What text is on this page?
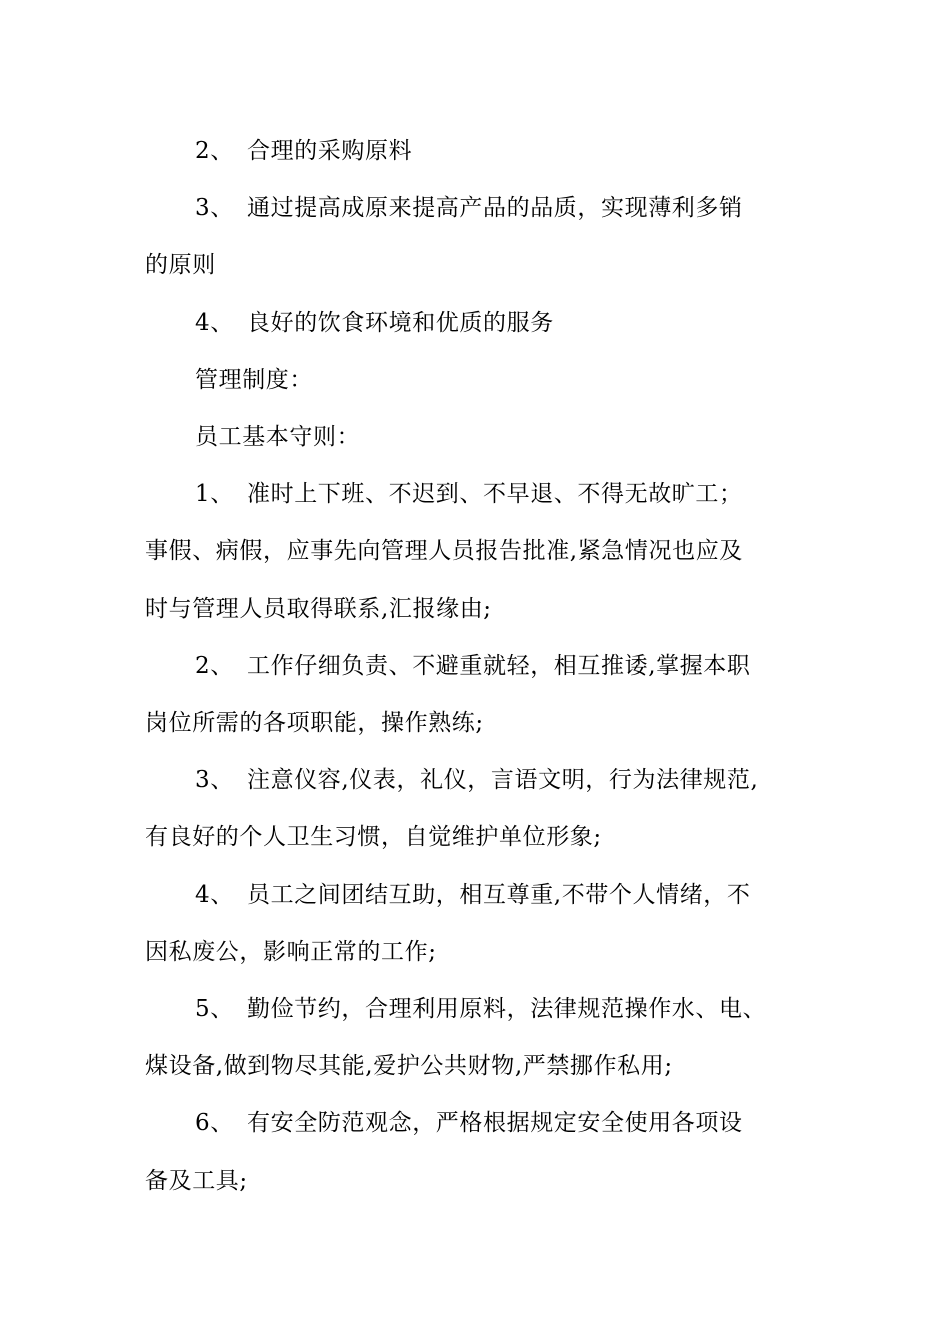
2、 合理的采购原料

3、 通过提高成原来提高产品的品质，实现薄利多销
的原则

4、 良好的饮食环境和优质的服务

管理制度：

员工基本守则：

1、 准时上下班、不迟到、不早退、不得无故旷工；
事假、病假，应事先向管理人员报告批准,紧急情况也应及
时与管理人员取得联系,汇报缘由;

2、 工作仔细负责、不避重就轻，相互推诿,掌握本职
岗位所需的各项职能，操作熟练;

3、 注意仪容,仪表，礼仪，言语文明，行为法律规范,
有良好的个人卫生习惯，自觉维护单位形象;

4、 员工之间团结互助，相互尊重,不带个人情绪，不
因私废公，影响正常的工作;

5、 勤俭节约，合理利用原料，法律规范操作水、电、
煤设备,做到物尽其能,爱护公共财物,严禁挪作私用;

6、 有安全防范观念，严格根据规定安全使用各项设
备及工具;
